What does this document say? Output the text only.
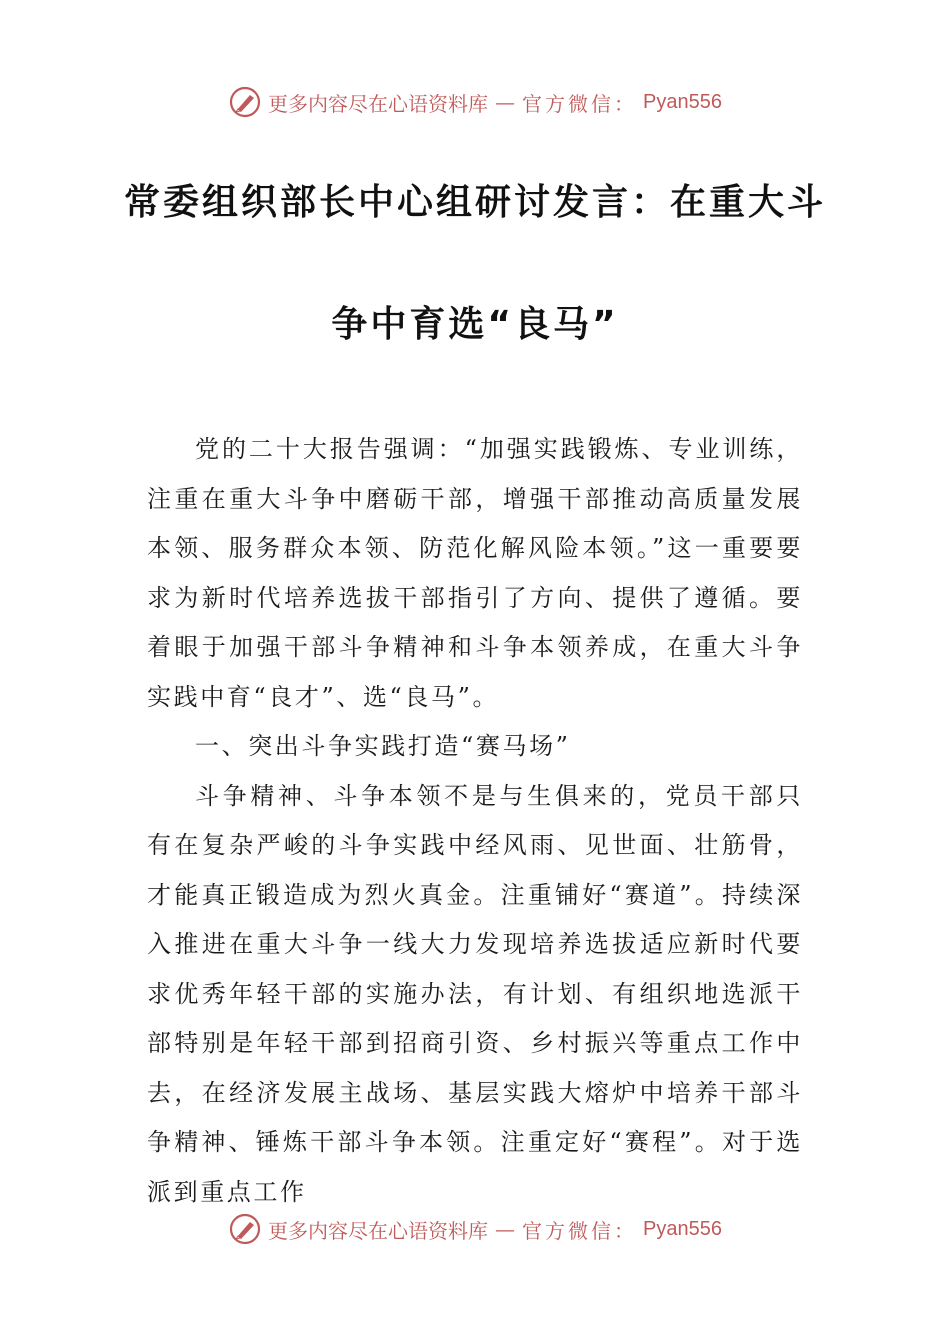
更多内容尽在心语资料库 — 官方微信： Pyan556
常委组织部长中心组研讨发言：在重大斗
争中育选“良马”

党的二十大报告强调：“加强实践锻炼、专业训练，注重在重大斗争中磨砺干部，增强干部推动高质量发展本领、服务群众本领、防范化解风险本领。”这一重要要求为新时代培养选拔干部指引了方向、提供了遵循。要着眼于加强干部斗争精神和斗争本领养成，在重大斗争实践中育“良才”、选“良马”。

一、突出斗争实践打造“赛马场”

斗争精神、斗争本领不是与生俱来的，党员干部只有在复杂严峻的斗争实践中经风雨、见世面、壮筋骨，才能真正锻造成为烈火真金。注重铺好“赛道”。持续深入推进在重大斗争一线大力发现培养选拔适应新时代要求优秀年轻干部的实施办法，有计划、有组织地选派干部特别是年轻干部到招商引资、乡村振兴等重点工作中去，在经济发展主战场、基层实践大熔炉中培养干部斗争精神、锤炼干部斗争本领。注重定好“赛程”。对于选派到重点工作

更多内容尽在心语资料库 — 官方微信： Pyan556
